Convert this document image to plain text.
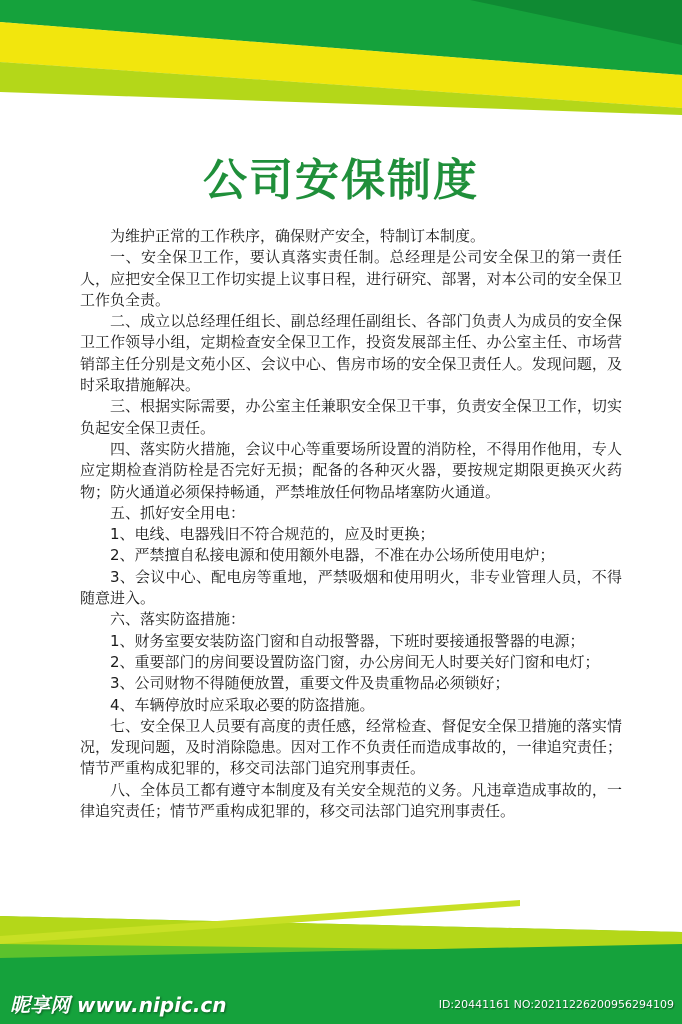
公司安保制度

为维护正常的工作秩序，确保财产安全，特制订本制度。

一、安全保卫工作，要认真落实责任制。总经理是公司安全保卫的第一责任人，应把安全保卫工作切实提上议事日程，进行研究、部署，对本公司的安全保卫工作负全责。

二、成立以总经理任组长、副总经理任副组长、各部门负责人为成员的安全保卫工作领导小组，定期检查安全保卫工作，投资发展部主任、办公室主任、市场营销部主任分别是文苑小区、会议中心、售房市场的安全保卫责任人。发现问题，及时采取措施解决。

三、根据实际需要，办公室主任兼职安全保卫干事，负责安全保卫工作，切实负起安全保卫责任。

四、落实防火措施，会议中心等重要场所设置的消防栓，不得用作他用，专人应定期检查消防栓是否完好无损；配备的各种灭火器，要按规定期限更换灭火药物；防火通道必须保持畅通，严禁堆放任何物品堵塞防火通道。

五、抓好安全用电：

1、电线、电器残旧不符合规范的，应及时更换；

2、严禁擅自私接电源和使用额外电器，不准在办公场所使用电炉；

3、会议中心、配电房等重地，严禁吸烟和使用明火，非专业管理人员，不得随意进入。

六、落实防盗措施：

1、财务室要安装防盗门窗和自动报警器，下班时要接通报警器的电源；

2、重要部门的房间要设置防盗门窗，办公房间无人时要关好门窗和电灯；

3、公司财物不得随便放置，重要文件及贵重物品必须锁好；

4、车辆停放时应采取必要的防盗措施。

七、安全保卫人员要有高度的责任感，经常检查、督促安全保卫措施的落实情况，发现问题，及时消除隐患。因对工作不负责任而造成事故的，一律追究责任；情节严重构成犯罪的，移交司法部门追究刑事责任。

八、全体员工都有遵守本制度及有关安全规范的义务。凡违章造成事故的，一律追究责任；情节严重构成犯罪的，移交司法部门追究刑事责任。

昵享网 www.nipic.cn	ID:20441161 NO:20211226200956294109
